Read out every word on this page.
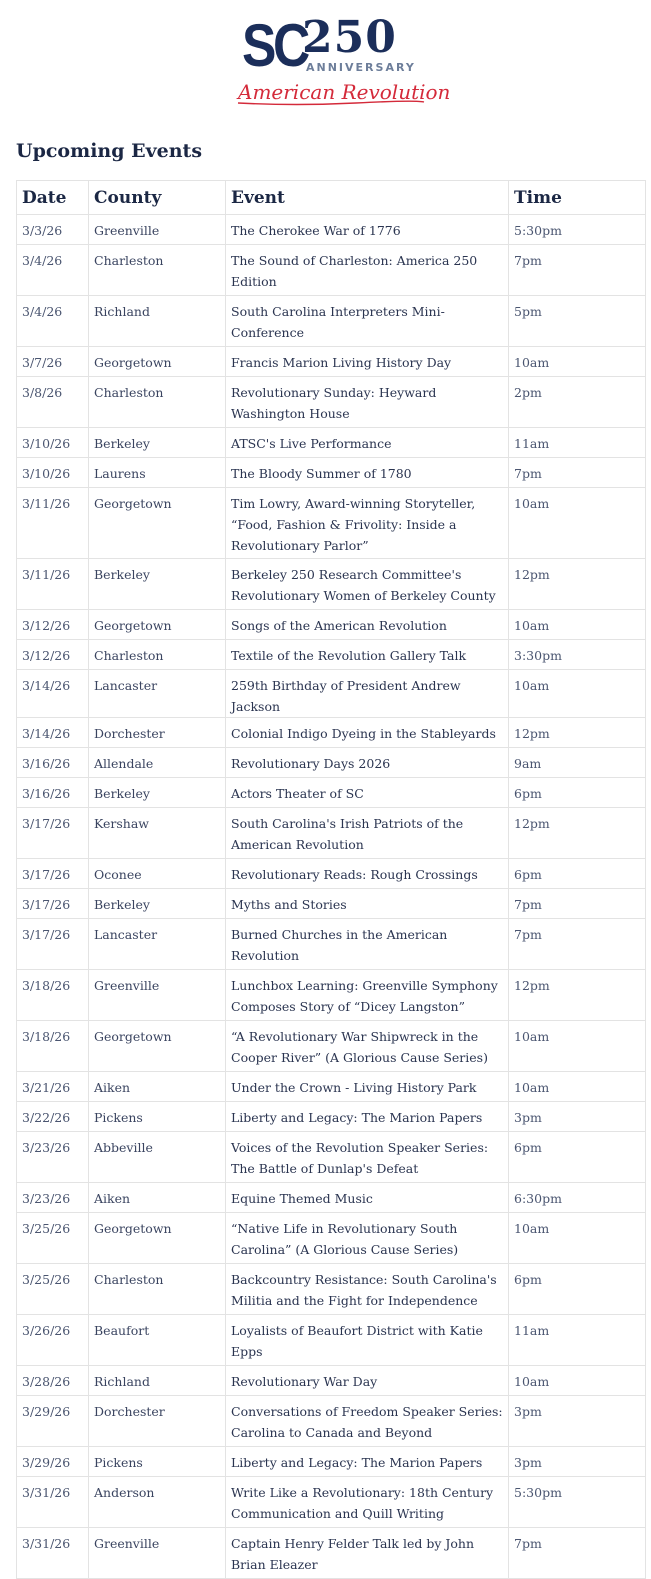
SC
250
ANNIVERSARY
American Revolution
Upcoming Events
Date	County	Event	Time
3/3/26	Greenville	The Cherokee War of 1776	5:30pm
3/4/26	Charleston	The Sound of Charleston: America 250 Edition	7pm
3/4/26	Richland	South Carolina Interpreters Mini-Conference	5pm
3/7/26	Georgetown	Francis Marion Living History Day	10am
3/8/26	Charleston	Revolutionary Sunday: Heyward Washington House	2pm
3/10/26	Berkeley	ATSC's Live Performance	11am
3/10/26	Laurens	The Bloody Summer of 1780	7pm
3/11/26	Georgetown	Tim Lowry, Award-winning Storyteller, “Food, Fashion & Frivolity: Inside a Revolutionary Parlor”	10am
3/11/26	Berkeley	Berkeley 250 Research Committee's Revolutionary Women of Berkeley County	12pm
3/12/26	Georgetown	Songs of the American Revolution	10am
3/12/26	Charleston	Textile of the Revolution Gallery Talk	3:30pm
3/14/26	Lancaster	259th Birthday of President Andrew Jackson	10am
3/14/26	Dorchester	Colonial Indigo Dyeing in the Stableyards	12pm
3/16/26	Allendale	Revolutionary Days 2026	9am
3/16/26	Berkeley	Actors Theater of SC	6pm
3/17/26	Kershaw	South Carolina's Irish Patriots of the American Revolution	12pm
3/17/26	Oconee	Revolutionary Reads: Rough Crossings	6pm
3/17/26	Berkeley	Myths and Stories	7pm
3/17/26	Lancaster	Burned Churches in the American Revolution	7pm
3/18/26	Greenville	Lunchbox Learning: Greenville Symphony Composes Story of “Dicey Langston”	12pm
3/18/26	Georgetown	“A Revolutionary War Shipwreck in the Cooper River” (A Glorious Cause Series)	10am
3/21/26	Aiken	Under the Crown - Living History Park	10am
3/22/26	Pickens	Liberty and Legacy: The Marion Papers	3pm
3/23/26	Abbeville	Voices of the Revolution Speaker Series: The Battle of Dunlap's Defeat	6pm
3/23/26	Aiken	Equine Themed Music	6:30pm
3/25/26	Georgetown	“Native Life in Revolutionary South Carolina” (A Glorious Cause Series)	10am
3/25/26	Charleston	Backcountry Resistance: South Carolina's Militia and the Fight for Independence	6pm
3/26/26	Beaufort	Loyalists of Beaufort District with Katie Epps	11am
3/28/26	Richland	Revolutionary War Day	10am
3/29/26	Dorchester	Conversations of Freedom Speaker Series: Carolina to Canada and Beyond	3pm
3/29/26	Pickens	Liberty and Legacy: The Marion Papers	3pm
3/31/26	Anderson	Write Like a Revolutionary: 18th Century Communication and Quill Writing	5:30pm
3/31/26	Greenville	Captain Henry Felder Talk led by John Brian Eleazer	7pm
